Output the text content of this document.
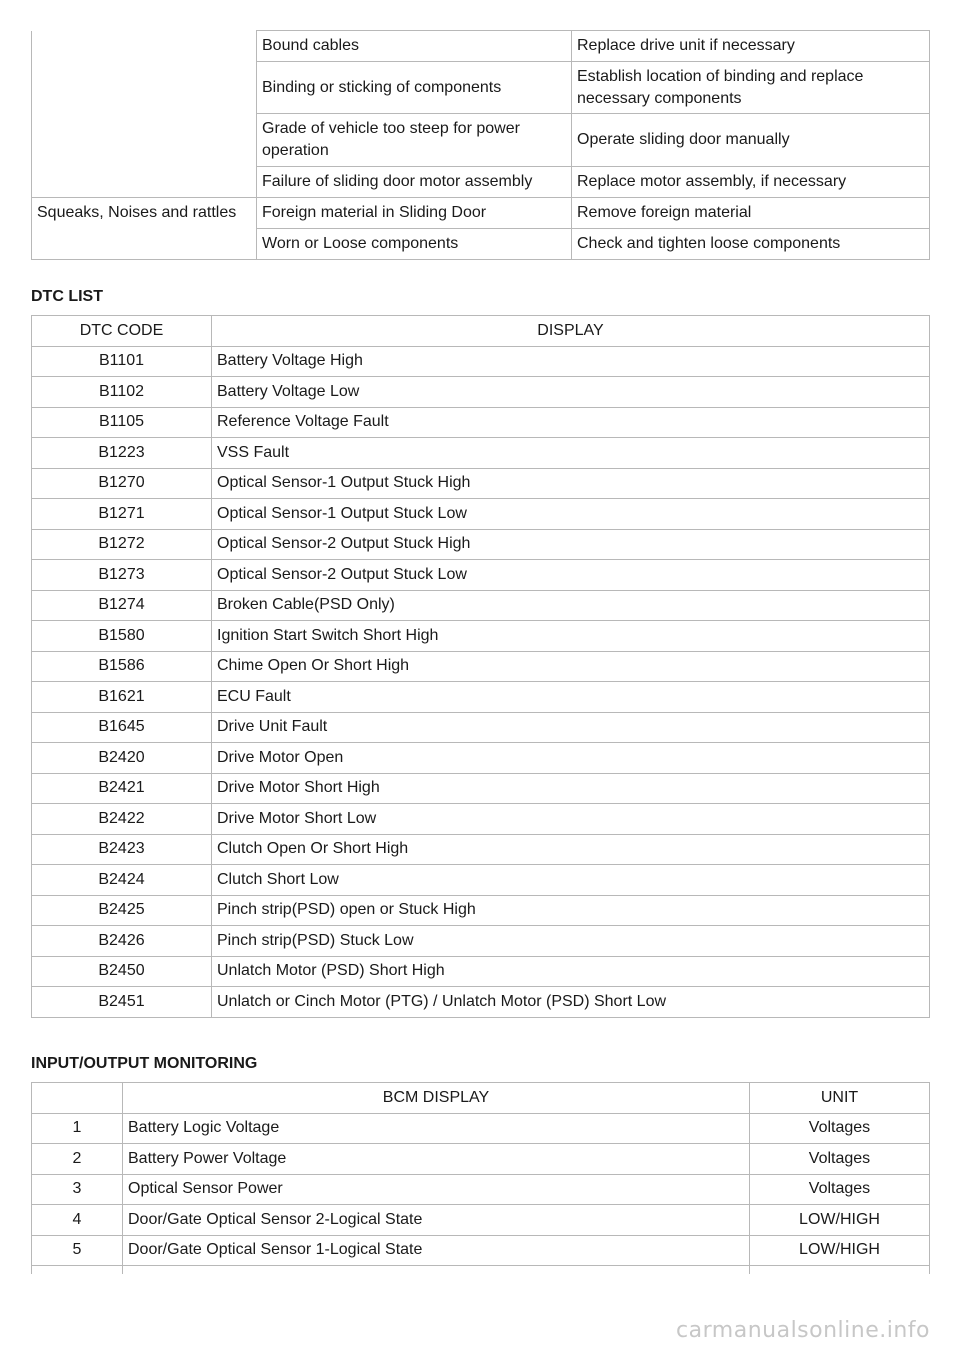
	Bound cables	Replace drive unit if necessary
	Binding or sticking of components	Establish location of binding and replace necessary components
	Grade of vehicle too steep for power operation	Operate sliding door manually
	Failure of sliding door motor assembly	Replace motor assembly, if necessary
Squeaks, Noises and rattles	Foreign material in Sliding Door	Remove foreign material
	Worn or Loose components	Check and tighten loose components

DTC LIST

DTC CODE	DISPLAY
B1101	Battery Voltage High
B1102	Battery Voltage Low
B1105	Reference Voltage Fault
B1223	VSS Fault
B1270	Optical Sensor-1 Output Stuck High
B1271	Optical Sensor-1 Output Stuck Low
B1272	Optical Sensor-2 Output Stuck High
B1273	Optical Sensor-2 Output Stuck Low
B1274	Broken Cable(PSD Only)
B1580	Ignition Start Switch Short High
B1586	Chime Open Or Short High
B1621	ECU Fault
B1645	Drive Unit Fault
B2420	Drive Motor Open
B2421	Drive Motor Short High
B2422	Drive Motor Short Low
B2423	Clutch Open Or Short High
B2424	Clutch Short Low
B2425	Pinch strip(PSD) open or Stuck High
B2426	Pinch strip(PSD) Stuck Low
B2450	Unlatch Motor (PSD) Short High
B2451	Unlatch or Cinch Motor (PTG) / Unlatch Motor (PSD) Short Low

INPUT/OUTPUT MONITORING

	BCM DISPLAY	UNIT
1	Battery Logic Voltage	Voltages
2	Battery Power Voltage	Voltages
3	Optical Sensor Power	Voltages
4	Door/Gate Optical Sensor 2-Logical State	LOW/HIGH
5	Door/Gate Optical Sensor 1-Logical State	LOW/HIGH

carmanualsonline.info
